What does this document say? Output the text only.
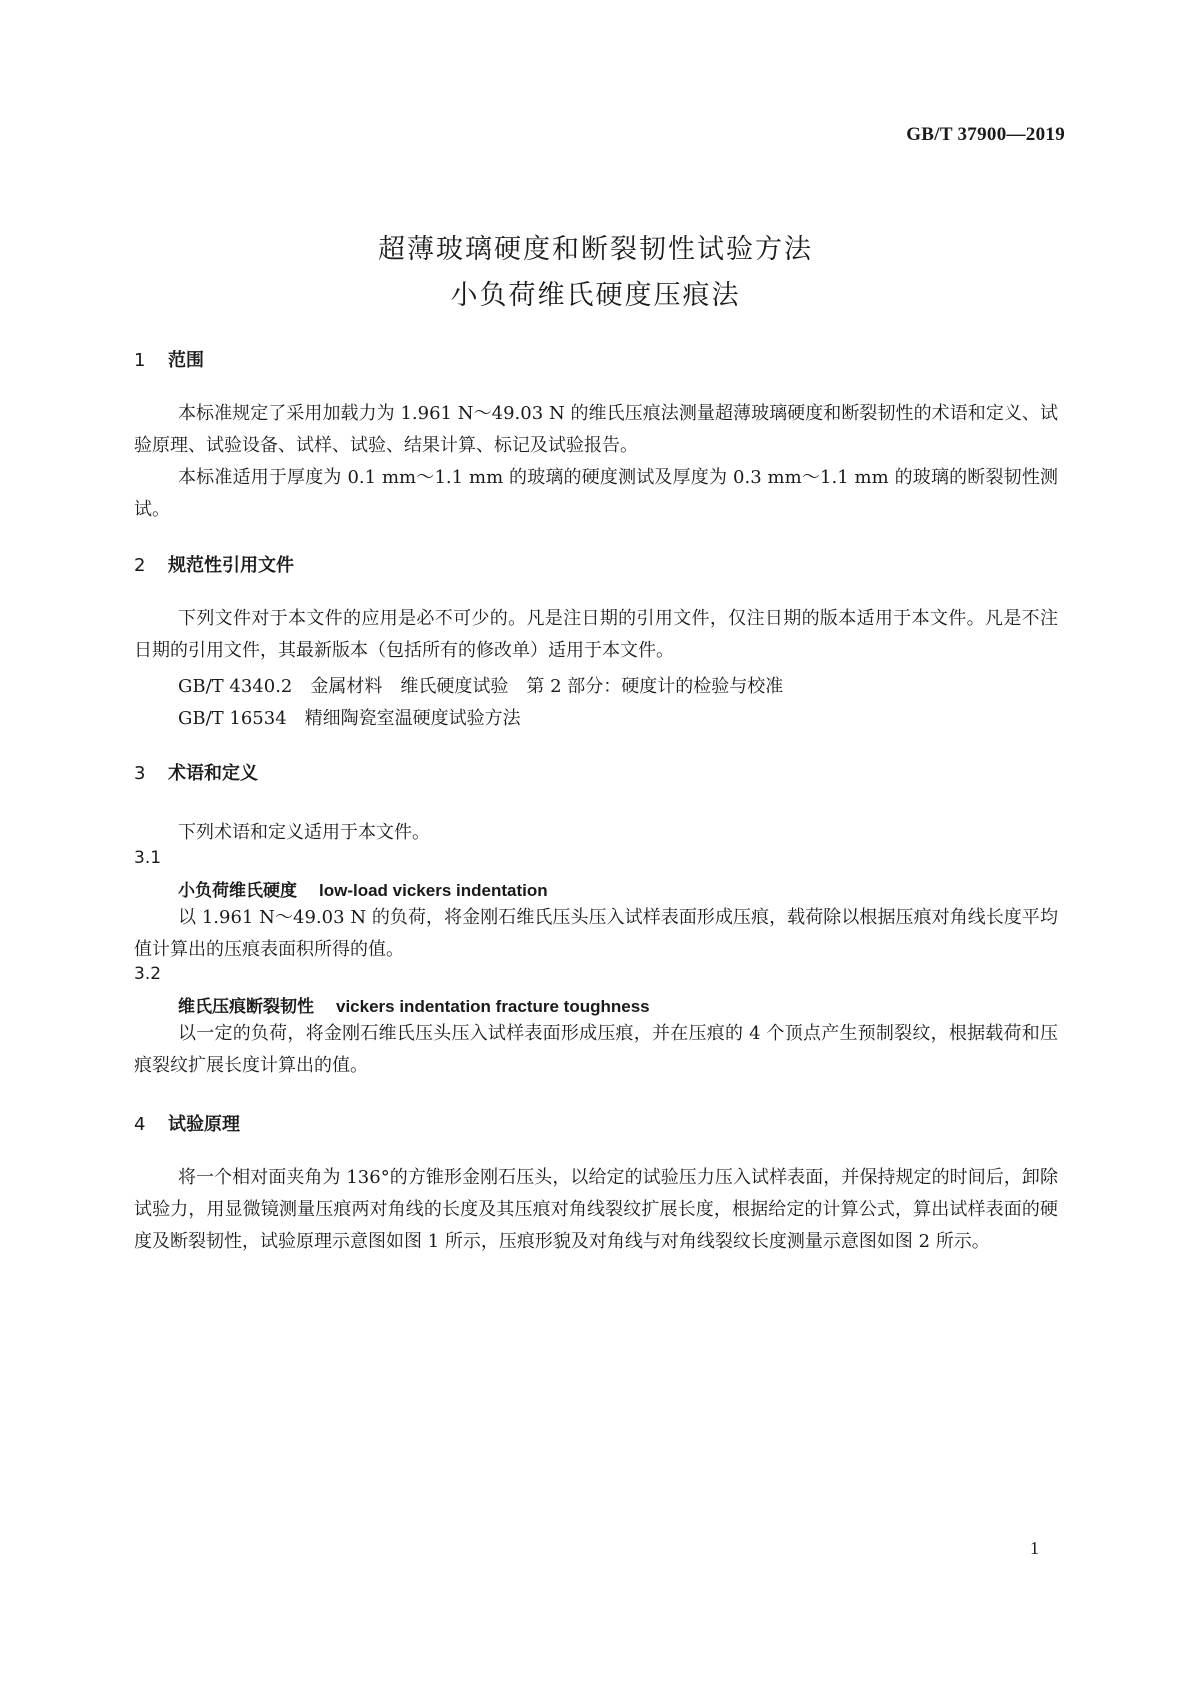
GB/T 37900—2019
超薄玻璃硬度和断裂韧性试验方法
小负荷维氏硬度压痕法
1 范围

本标准规定了采用加载力为 1.961 N～49.03 N 的维氏压痕法测量超薄玻璃硬度和断裂韧性的术语和定义、试验原理、试验设备、试样、试验、结果计算、标记及试验报告。

本标准适用于厚度为 0.1 mm～1.1 mm 的玻璃的硬度测试及厚度为 0.3 mm～1.1 mm 的玻璃的断裂韧性测试。

2 规范性引用文件

下列文件对于本文件的应用是必不可少的。凡是注日期的引用文件，仅注日期的版本适用于本文件。凡是不注日期的引用文件，其最新版本（包括所有的修改单）适用于本文件。

GB/T 4340.2　金属材料　维氏硬度试验　第 2 部分：硬度计的检验与校准
GB/T 16534　精细陶瓷室温硬度试验方法
3 术语和定义
下列术语和定义适用于本文件。
3.1
小负荷维氏硬度 low-load vickers indentation

以 1.961 N～49.03 N 的负荷，将金刚石维氏压头压入试样表面形成压痕，载荷除以根据压痕对角线长度平均值计算出的压痕表面积所得的值。

3.2
维氏压痕断裂韧性 vickers indentation fracture toughness

以一定的负荷，将金刚石维氏压头压入试样表面形成压痕，并在压痕的 4 个顶点产生预制裂纹，根据载荷和压痕裂纹扩展长度计算出的值。

4 试验原理

将一个相对面夹角为 136°的方锥形金刚石压头，以给定的试验压力压入试样表面，并保持规定的时间后，卸除试验力，用显微镜测量压痕两对角线的长度及其压痕对角线裂纹扩展长度，根据给定的计算公式，算出试样表面的硬度及断裂韧性，试验原理示意图如图 1 所示，压痕形貌及对角线与对角线裂纹长度测量示意图如图 2 所示。

1
